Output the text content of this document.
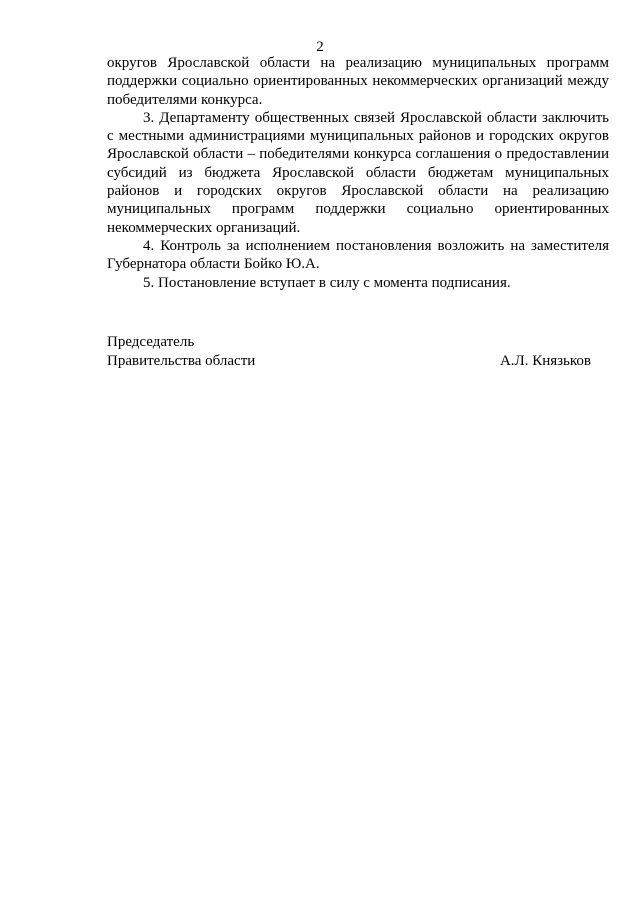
2

округов Ярославской области на реализацию муниципальных программ поддержки социально ориентированных некоммерческих организаций между победителями конкурса.

3. Департаменту общественных связей Ярославской области заключить с местными администрациями муниципальных районов и городских округов Ярославской области – победителями конкурса соглашения о предоставлении субсидий из бюджета Ярославской области бюджетам муниципальных районов и городских округов Ярославской области на реализацию муниципальных программ поддержки социально ориентированных некоммерческих организаций.

4. Контроль за исполнением постановления возложить на заместителя Губернатора области Бойко Ю.А.

5. Постановление вступает в силу с момента подписания.

Председатель
Правительства области	А.Л. Князьков
